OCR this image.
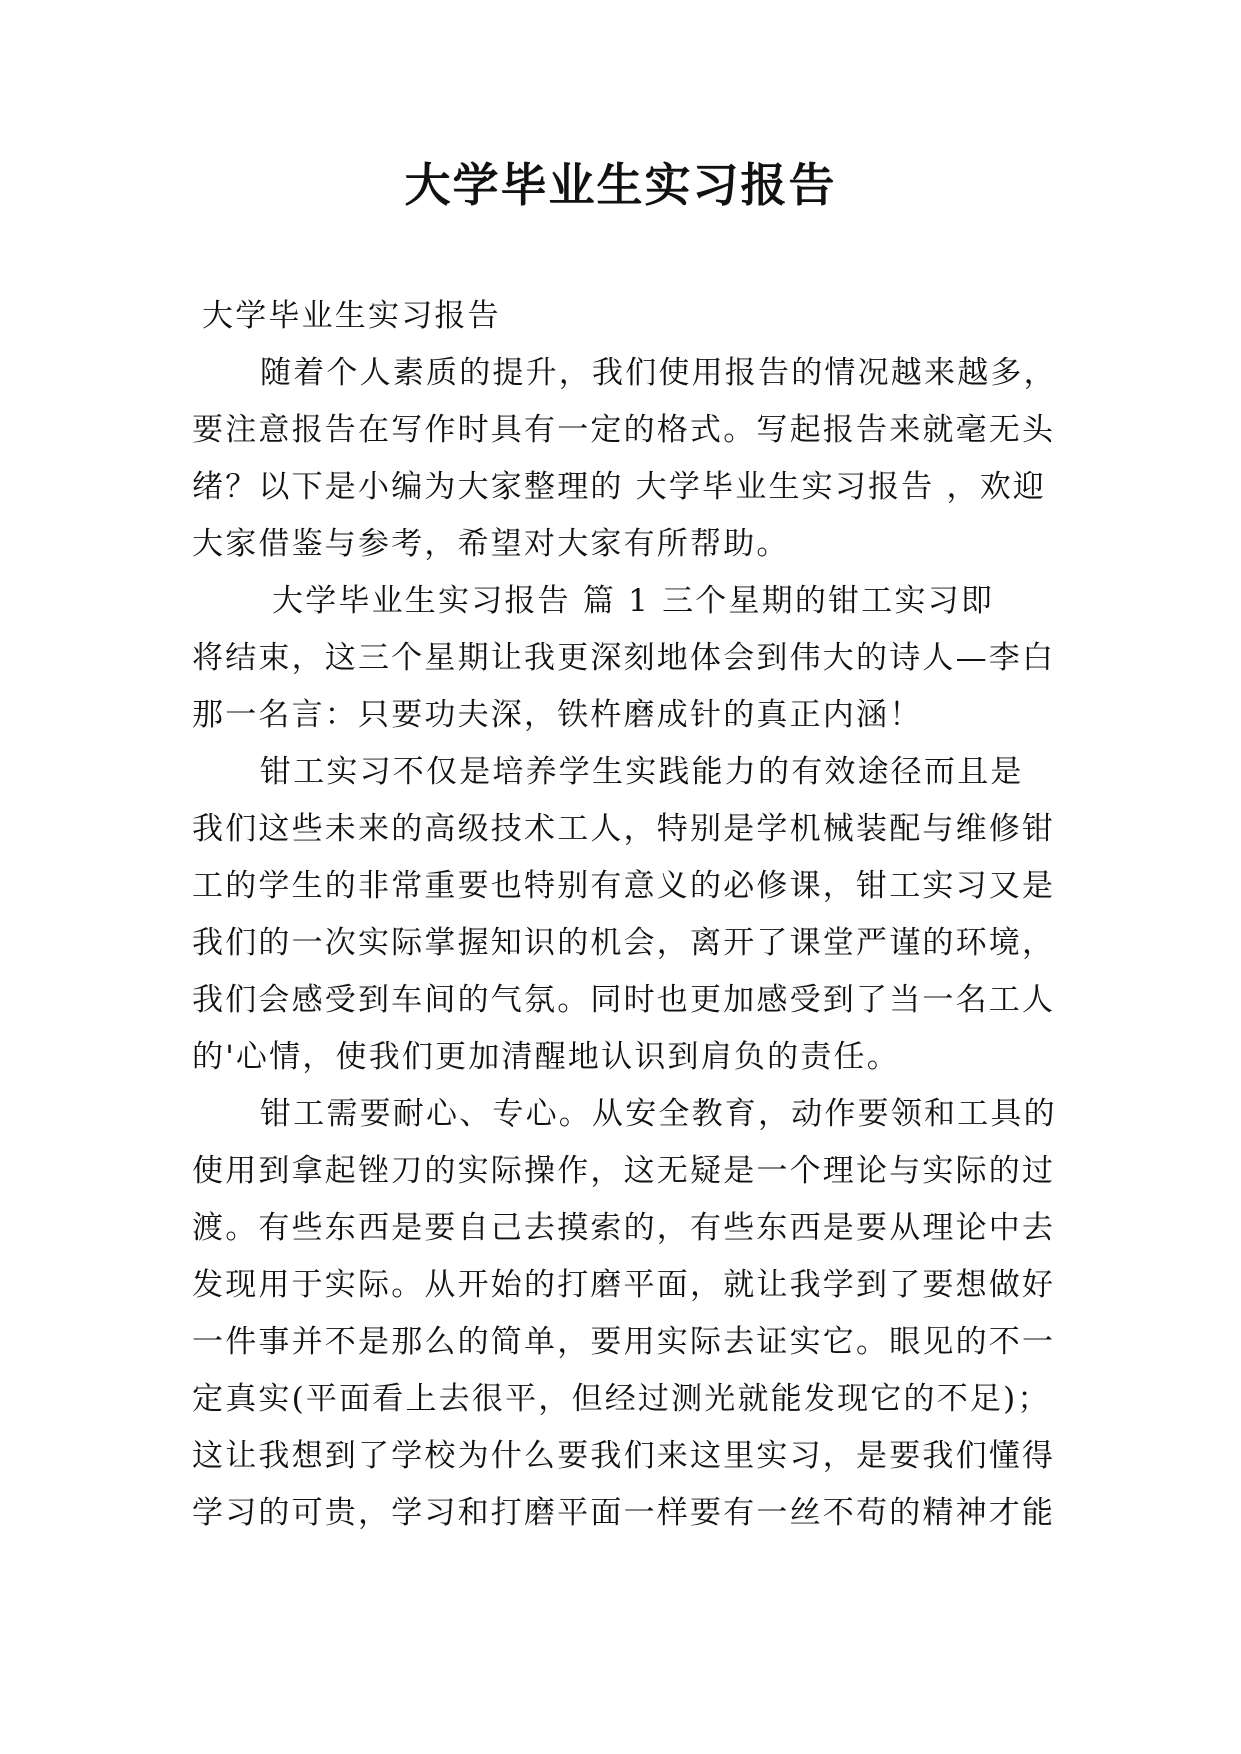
大学毕业生实习报告

大学毕业生实习报告

随着个人素质的提升，我们使用报告的情况越来越多，

要注意报告在写作时具有一定的格式。写起报告来就毫无头

绪？以下是小编为大家整理的 大学毕业生实习报告 ，欢迎

大家借鉴与参考，希望对大家有所帮助。

大学毕业生实习报告 篇 1 三个星期的钳工实习即

将结束，这三个星期让我更深刻地体会到伟大的诗人—李白

那一名言：只要功夫深，铁杵磨成针的真正内涵！

钳工实习不仅是培养学生实践能力的有效途径而且是

我们这些未来的高级技术工人，特别是学机械装配与维修钳

工的学生的非常重要也特别有意义的必修课，钳工实习又是

我们的一次实际掌握知识的机会，离开了课堂严谨的环境，

我们会感受到车间的气氛。同时也更加感受到了当一名工人

的'心情，使我们更加清醒地认识到肩负的责任。

钳工需要耐心、专心。从安全教育，动作要领和工具的

使用到拿起锉刀的实际操作，这无疑是一个理论与实际的过

渡。有些东西是要自己去摸索的，有些东西是要从理论中去

发现用于实际。从开始的打磨平面，就让我学到了要想做好

一件事并不是那么的简单，要用实际去证实它。眼见的不一

定真实(平面看上去很平，但经过测光就能发现它的不足)；

这让我想到了学校为什么要我们来这里实习，是要我们懂得

学习的可贵，学习和打磨平面一样要有一丝不苟的精神才能
